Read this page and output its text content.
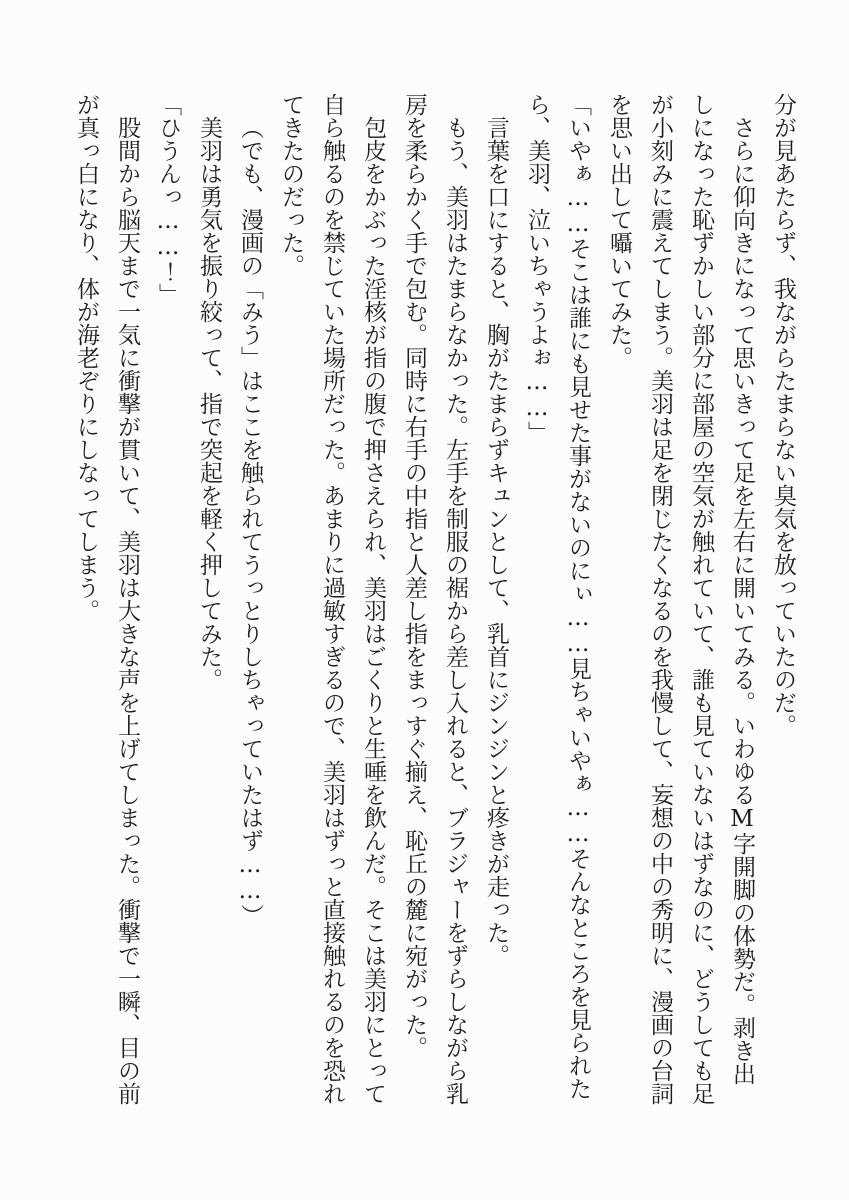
分が見あたらず、我ながらたまらない臭気を放っていたのだ。

さらに仰向きになって思いきって足を左右に開いてみる。いわゆるM字開脚の体勢だ。剥き出しになった恥ずかしい部分に部屋の空気が触れていて、誰も見ていないはずなのに、どうしても足が小刻みに震えてしまう。美羽は足を閉じたくなるのを我慢して、妄想の中の秀明に、漫画の台詞を思い出して囁いてみた。

「いやぁ……そこは誰にも見せた事がないのにぃ……見ちゃいやぁ……そんなところを見られたら、美羽、泣いちゃうよぉ……」

言葉を口にすると、胸がたまらずキュンとして、乳首にジンジンと疼きが走った。

もう、美羽はたまらなかった。左手を制服の裾から差し入れると、ブラジャーをずらしながら乳房を柔らかく手で包む。同時に右手の中指と人差し指をまっすぐ揃え、恥丘の麓に宛がった。

包皮をかぶった淫核が指の腹で押さえられ、美羽はごくりと生唾を飲んだ。そこは美羽にとって自ら触るのを禁じていた場所だった。あまりに過敏すぎるので、美羽はずっと直接触れるのを恐れてきたのだった。

（でも、漫画の「みう」はここを触られてうっとりしちゃっていたはず……）

美羽は勇気を振り絞って、指で突起を軽く押してみた。

「ひうんっ……！」

股間から脳天まで一気に衝撃が貫いて、美羽は大きな声を上げてしまった。衝撃で一瞬、目の前が真っ白になり、体が海老ぞりにしなってしまう。
